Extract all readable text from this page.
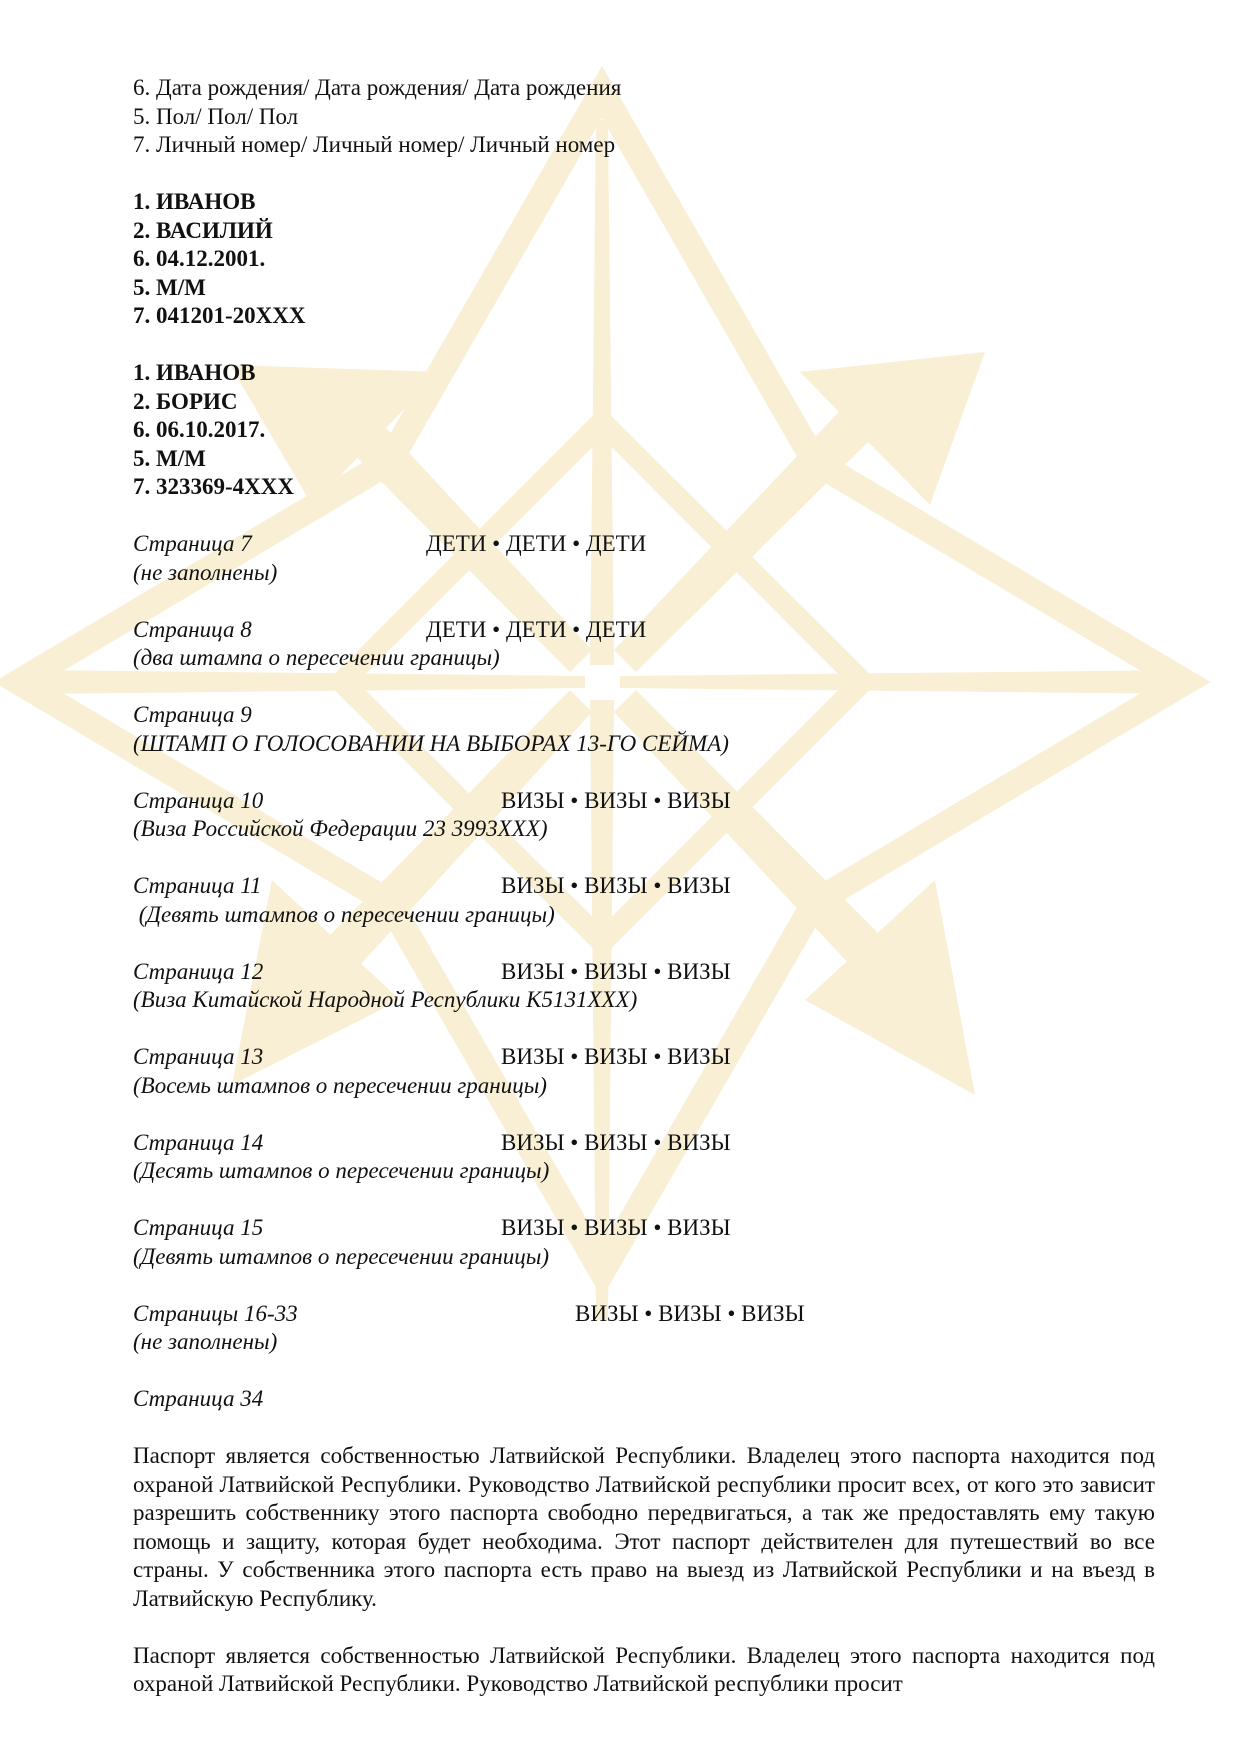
6. Дата рождения/ Дата рождения/ Дата рождения
5. Пол/ Пол/ Пол
7. Личный номер/ Личный номер/ Личный номер
1. ИВАНОВ
2. ВАСИЛИЙ
6. 04.12.2001.
5. M/M
7. 041201-20XXX
1. ИВАНОВ
2. БОРИС
6. 06.10.2017.
5. M/M
7. 323369-4XXX
Страница 7	ДЕТИ • ДЕТИ • ДЕТИ
(не заполнены)
Страница 8	ДЕТИ • ДЕТИ • ДЕТИ
(два штампа о пересечении границы)
Страница 9
(ШТАМП О ГОЛОСОВАНИИ НА ВЫБОРАХ 13-ГО СЕЙМА)
Страница 10	ВИЗЫ • ВИЗЫ • ВИЗЫ
(Виза Российской Федерации 23 3993XXX)
Страница 11	ВИЗЫ • ВИЗЫ • ВИЗЫ
(Девять штампов о пересечении границы)
Страница 12	ВИЗЫ • ВИЗЫ • ВИЗЫ
(Виза Китайской Народной Республики K5131XXX)
Страница 13	ВИЗЫ • ВИЗЫ • ВИЗЫ
(Восемь штампов о пересечении границы)
Страница 14	ВИЗЫ • ВИЗЫ • ВИЗЫ
(Десять штампов о пересечении границы)
Страница 15	ВИЗЫ • ВИЗЫ • ВИЗЫ
(Девять штампов о пересечении границы)
Страницы 16-33	ВИЗЫ • ВИЗЫ • ВИЗЫ
(не заполнены)
Страница 34
Паспорт является собственностью Латвийской Республики. Владелец этого паспорта находится под охраной Латвийской Республики. Руководство Латвийской республики просит всех, от кого это зависит разрешить собственнику этого паспорта свободно передвигаться, а так же предоставлять ему такую помощь и защиту, которая будет необходима. Этот паспорт действителен для путешествий во все страны. У собственника этого паспорта есть право на выезд из Латвийской Республики и на въезд в Латвийскую Республику.
Паспорт является собственностью Латвийской Республики. Владелец этого паспорта находится под охраной Латвийской Республики. Руководство Латвийской республики просит
